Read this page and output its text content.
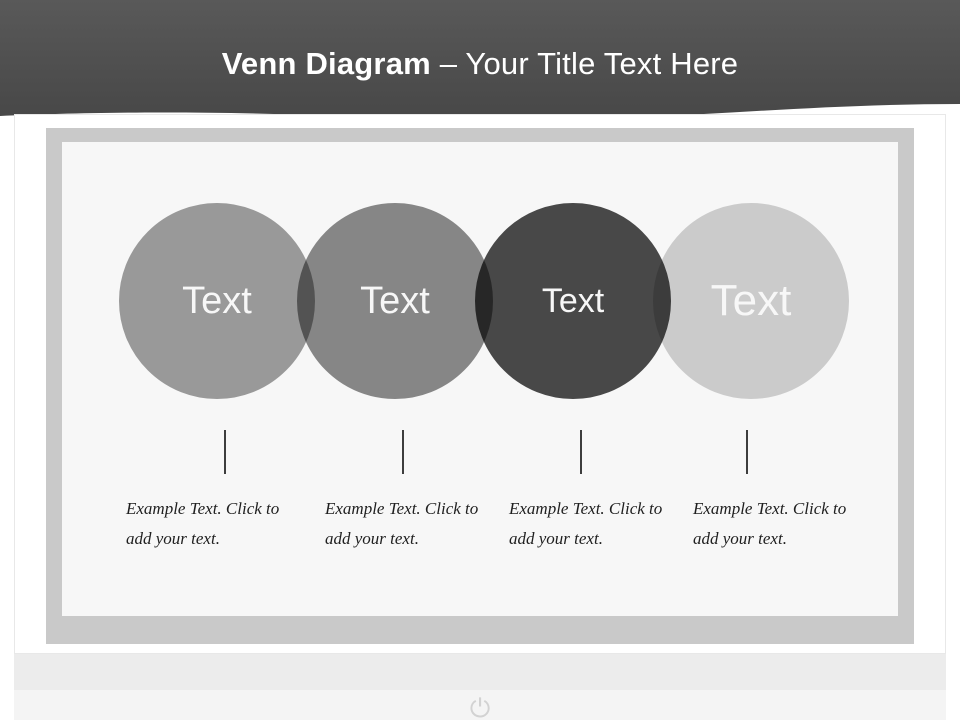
Venn Diagram – Your Title Text Here
Text	Text	Text Text
Example Text. Click to add your text.
Example Text. Click to add your text.
Example Text. Click to add your text.
Example Text. Click to add your text.
⏻
